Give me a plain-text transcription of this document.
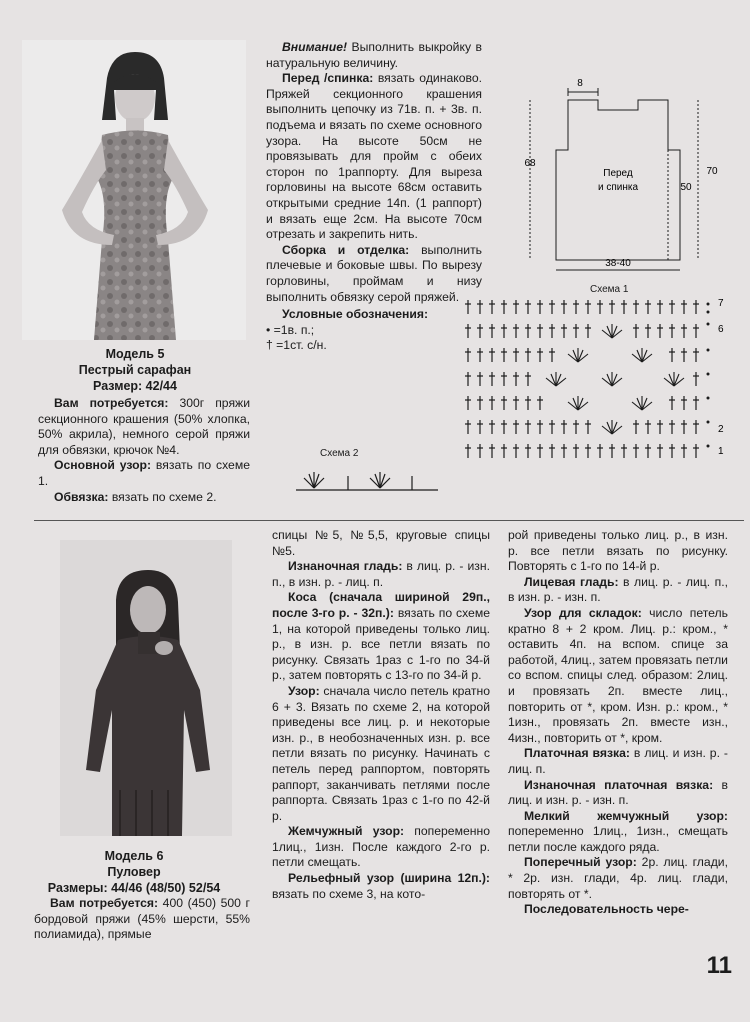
Модель 5
Пестрый сарафан
Размер: 42/44

Вам потребуется: 300г пряжи секционного крашения (50% хлопка, 50% акрила), немного серой пряжи для обвязки, крючок №4.

Основной узор: вязать по схеме 1.

Обвязка: вязать по схеме 2.

Внимание! Выполнить выкройку в натуральную величину.

Перед /спинка: вязать одинаково. Пряжей секционного крашения выполнить цепочку из 71в. п. + 3в. п. подъема и вязать по схеме основного узора. На высоте 50см не провязывать для пройм с обеих сторон по 1раппорту. Для выреза горловины на высоте 68см оставить открытыми средние 14п. (1 раппорт) и вязать еще 2см. На высоте 70см отрезать и закрепить нить.

Сборка и отделка: выполнить плечевые и боковые швы. По вырезу горловины, проймам и низу выполнить обвязку серой пряжей.

Условные обозначения:

• =1в. п.;

† =1ст. с/н.

Схема 2
8
68
70
50
Перед
и спинка
38-40
Схема 1
7
6
2
1
Модель 6
Пуловер
Размеры: 44/46 (48/50) 52/54

Вам потребуется: 400 (450) 500 г бордовой пряжи (45% шерсти, 55% полиамида), прямые

спицы №5, №5,5, круговые спицы №5.

Изнаночная гладь: в лиц. р. - изн. п., в изн. р. - лиц. п.

Коса (сначала шириной 29п., после 3-го р. - 32п.): вязать по схеме 1, на которой приведены только лиц. р., в изн. р. все петли вязать по рисунку. Связать 1раз с 1-го по 34-й р., затем повторять с 13-го по 34-й р.

Узор: сначала число петель кратно 6 + 3. Вязать по схеме 2, на которой приведены все лиц. р. и некоторые изн. р., в необозначенных изн. р. все петли вязать по рисунку. Начинать с петель перед раппортом, повторять раппорт, заканчивать петлями после раппорта. Связать 1раз с 1-го по 42-й р.

Жемчужный узор: попеременно 1лиц., 1изн. После каждого 2-го р. петли смещать.

Рельефный узор (ширина 12п.): вязать по схеме 3, на кото-

рой приведены только лиц. р., в изн. р. все петли вязать по рисунку. Повторять с 1-го по 14-й р.

Лицевая гладь: в лиц. р. - лиц. п., в изн. р. - изн. п.

Узор для складок: число петель кратно 8 + 2 кром. Лиц. р.: кром., * оставить 4п. на вспом. спице за работой, 4лиц., затем провязать петли со вспом. спицы след. образом: 2лиц. и провязать 2п. вместе лиц., повторить от *, кром. Изн. р.: кром., * 1изн., провязать 2п. вместе изн., 4изн., повторить от *, кром.

Платочная вязка: в лиц. и изн. р. - лиц. п.

Изнаночная платочная вязка: в лиц. и изн. р. - изн. п.

Мелкий жемчужный узор: попеременно 1лиц., 1изн., смещать петли после каждого ряда.

Поперечный узор: 2р. лиц. глади, * 2р. изн. глади, 4р. лиц. глади, повторять от *.

Последовательность чере-

11
